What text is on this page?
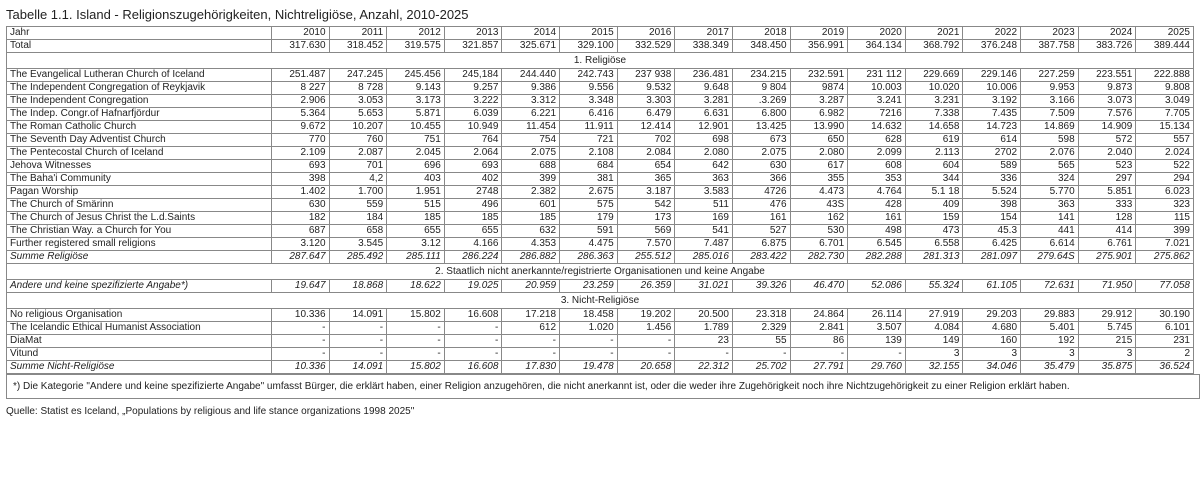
Tabelle 1.1. Island - Religionszugehörigkeiten, Nichtreligiöse, Anzahl, 2010-2025
Jahr	2010	2011	2012	2013	2014	2015	2016	2017	2018	2019	2020	2021	2022	2023	2024	2025
Total	317.630	318.452	319.575	321.857	325.671	329.100	332.529	338.349	348.450	356.991	364.134	368.792	376.248	387.758	383.726	389.444
1. Religiöse																
The Evangelical Lutheran Church of Iceland	251.487	247.245	245.456	245,184	244.440	242.743	237 938	236.481	234.215	232.591	231 112	229.669	229.146	227.259	223.551	222.888
The Independent Congregation of Reykjavik	8 227	8 728	9.143	9.257	9.386	9.556	9.532	9.648	9 804	9874	10.003	10.020	10.006	9.953	9.873	9.808
The Independent Congregation	2.906	3.053	3.173	3.222	3.312	3.348	3.303	3.281	.3.269	3.287	3.241	3.231	3.192	3.166	3.073	3.049
The Indep. Congr.of Hafnarfjördur	5.364	5.653	5.871	6.039	6.221	6.416	6.479	6.631	6.800	6.982	7216	7.338	7.435	7.509	7.576	7.705
The Roman Catholic Church	9.672	10.207	10.455	10.949	11.454	11.911	12.414	12.901	13.425	13.990	14.632	14.658	14.723	14.869	14.909	15.134
The Seventh Day Adventist Church	770	760	751	764	754	721	702	698	673	650	628	619	614	598	572	557
The Pentecostal Church of Iceland	2.109	2.087	2.045	2.064	2.075	2.108	2.084	2.080	2.075	2.080	2.099	2.113	2702	2.076	2.040	2.024
Jehova Witnesses	693	701	696	693	688	684	654	642	630	617	608	604	589	565	523	522
The Baha'i Community	398	4,2	403	402	399	381	365	363	366	355	353	344	336	324	297	294
Pagan Worship	1.402	1.700	1.951	2748	2.382	2.675	3.187	3.583	4726	4.473	4.764	5.1 18	5.524	5.770	5.851	6.023
The Church of Smärinn	630	559	515	496	601	575	542	511	476	43S	428	409	398	363	333	323
The Church of Jesus Christ the L.d.Saints	182	184	185	185	185	179	173	169	161	162	161	159	154	141	128	115
The Christian Way. a Church for You	687	658	655	655	632	591	569	541	527	530	498	473	45.3	441	414	399
Further registered small religions	3.120	3.545	3.12	4.166	4.353	4.475	7.570	7.487	6.875	6.701	6.545	6.558	6.425	6.614	6.761	7.021
Summe Religiöse	287.647	285.492	285.111	286.224	286.882	286.363	255.512	285.016	283.422	282.730	282.288	281.313	281.097	279.64S	275.901	275.862
2. Staatlich nicht anerkannte/registrierte Organisationen und keine Angabe																
Andere und keine spezifizierte Angabe*)	19.647	18.868	18.622	19.025	20.959	23.259	26.359	31.021	39.326	46.470	52.086	55.324	61.105	72.631	71.950	77.058
3. Nicht-Religiöse																
No religious Organisation	10.336	14.091	15.802	16.608	17.218	18.458	19.202	20.500	23.318	24.864	26.114	27.919	29.203	29.883	29.912	30.190
The Icelandic Ethical Humanist Association	-	-	-	-	612	1.020	1.456	1.789	2.329	2.841	3.507	4.084	4.680	5.401	5.745	6.101
DiaMat	-	-	-	-	-	-	-	23	55	86	139	149	160	192	215	231
Vitund	-	-	-	-	-	-	-	-	-	-	-	3	3	3	3	2
Summe Nicht-Religiöse	10.336	14.091	15.802	16.608	17.830	19.478	20.658	22.312	25.702	27.791	29.760	32.155	34.046	35.479	35.875	36.524
*) Die Kategorie "Andere und keine spezifizierte Angabe" umfasst Bürger, die erklärt haben, einer Religion anzugehören, die nicht anerkannt ist, oder die weder ihre Zugehörigkeit noch ihre Nichtzugehörigkeit zu einer Religion erklärt haben.
Quelle: Statist es Iceland, „Populations by religious and life stance organizations 1998 2025"
